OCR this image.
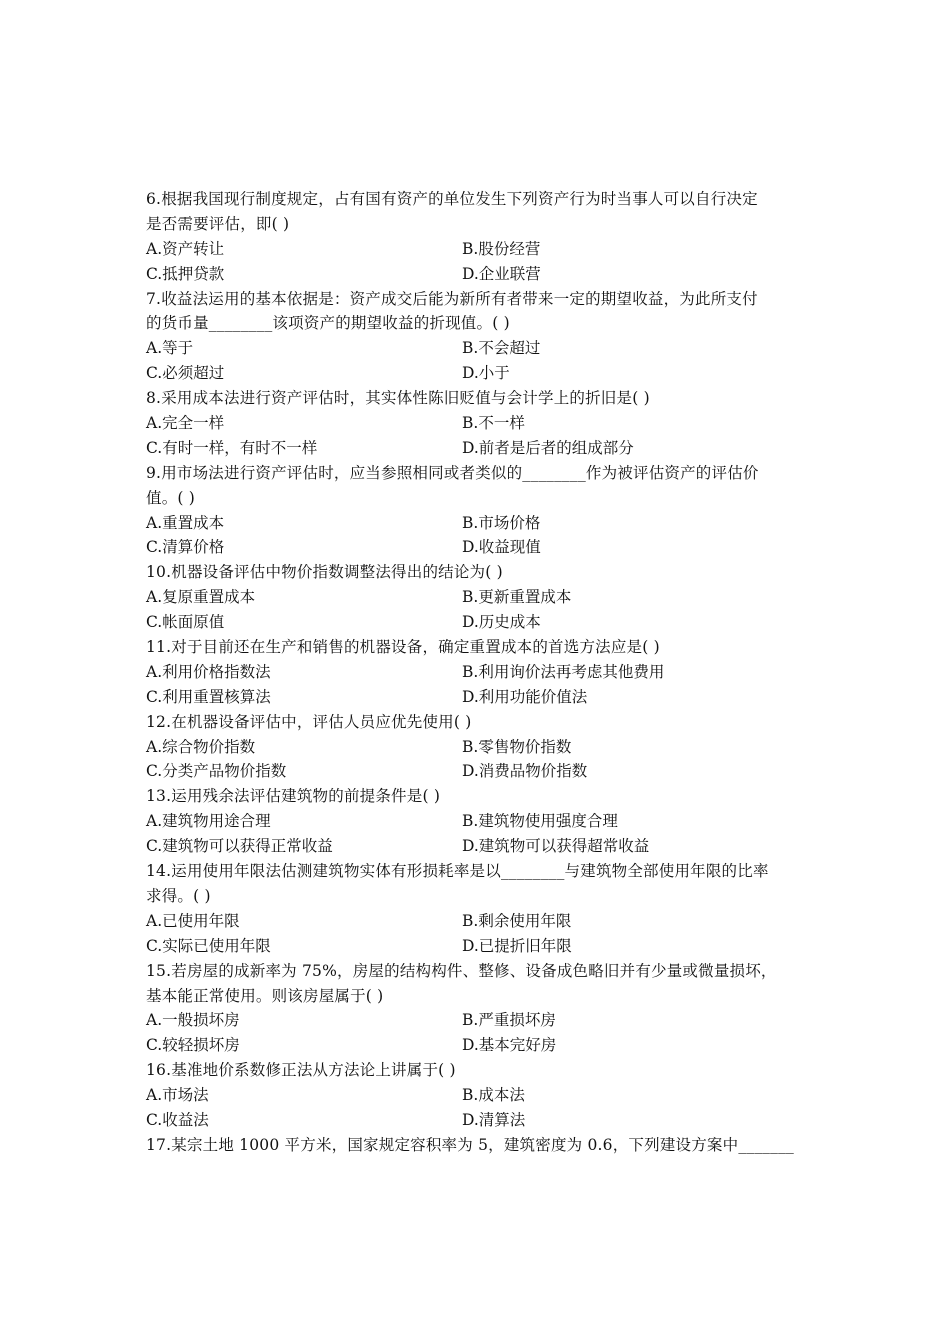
6.根据我国现行制度规定，占有国有资产的单位发生下列资产行为时当事人可以自行决定
是否需要评估，即( )
A.资产转让	B.股份经营
C.抵押贷款	D.企业联营
7.收益法运用的基本依据是：资产成交后能为新所有者带来一定的期望收益，为此所支付
的货币量________该项资产的期望收益的折现值。( )
A.等于	B.不会超过
C.必须超过	D.小于
8.采用成本法进行资产评估时，其实体性陈旧贬值与会计学上的折旧是( )
A.完全一样	B.不一样
C.有时一样，有时不一样	D.前者是后者的组成部分
9.用市场法进行资产评估时，应当参照相同或者类似的________作为被评估资产的评估价
值。( )
A.重置成本	B.市场价格
C.清算价格	D.收益现值
10.机器设备评估中物价指数调整法得出的结论为( )
A.复原重置成本	B.更新重置成本
C.帐面原值	D.历史成本
11.对于目前还在生产和销售的机器设备，确定重置成本的首选方法应是( )
A.利用价格指数法	B.利用询价法再考虑其他费用
C.利用重置核算法	D.利用功能价值法
12.在机器设备评估中，评估人员应优先使用( )
A.综合物价指数	B.零售物价指数
C.分类产品物价指数	D.消费品物价指数
13.运用残余法评估建筑物的前提条件是( )
A.建筑物用途合理	B.建筑物使用强度合理
C.建筑物可以获得正常收益	D.建筑物可以获得超常收益
14.运用使用年限法估测建筑物实体有形损耗率是以________与建筑物全部使用年限的比率
求得。( )
A.已使用年限	B.剩余使用年限
C.实际已使用年限	D.已提折旧年限
15.若房屋的成新率为 75%，房屋的结构构件、整修、设备成色略旧并有少量或微量损坏，
基本能正常使用。则该房屋属于( )
A.一般损坏房	B.严重损坏房
C.较轻损坏房	D.基本完好房
16.基准地价系数修正法从方法论上讲属于( )
A.市场法	B.成本法
C.收益法	D.清算法
17.某宗土地 1000 平方米，国家规定容积率为 5，建筑密度为 0.6，下列建设方案中_______
